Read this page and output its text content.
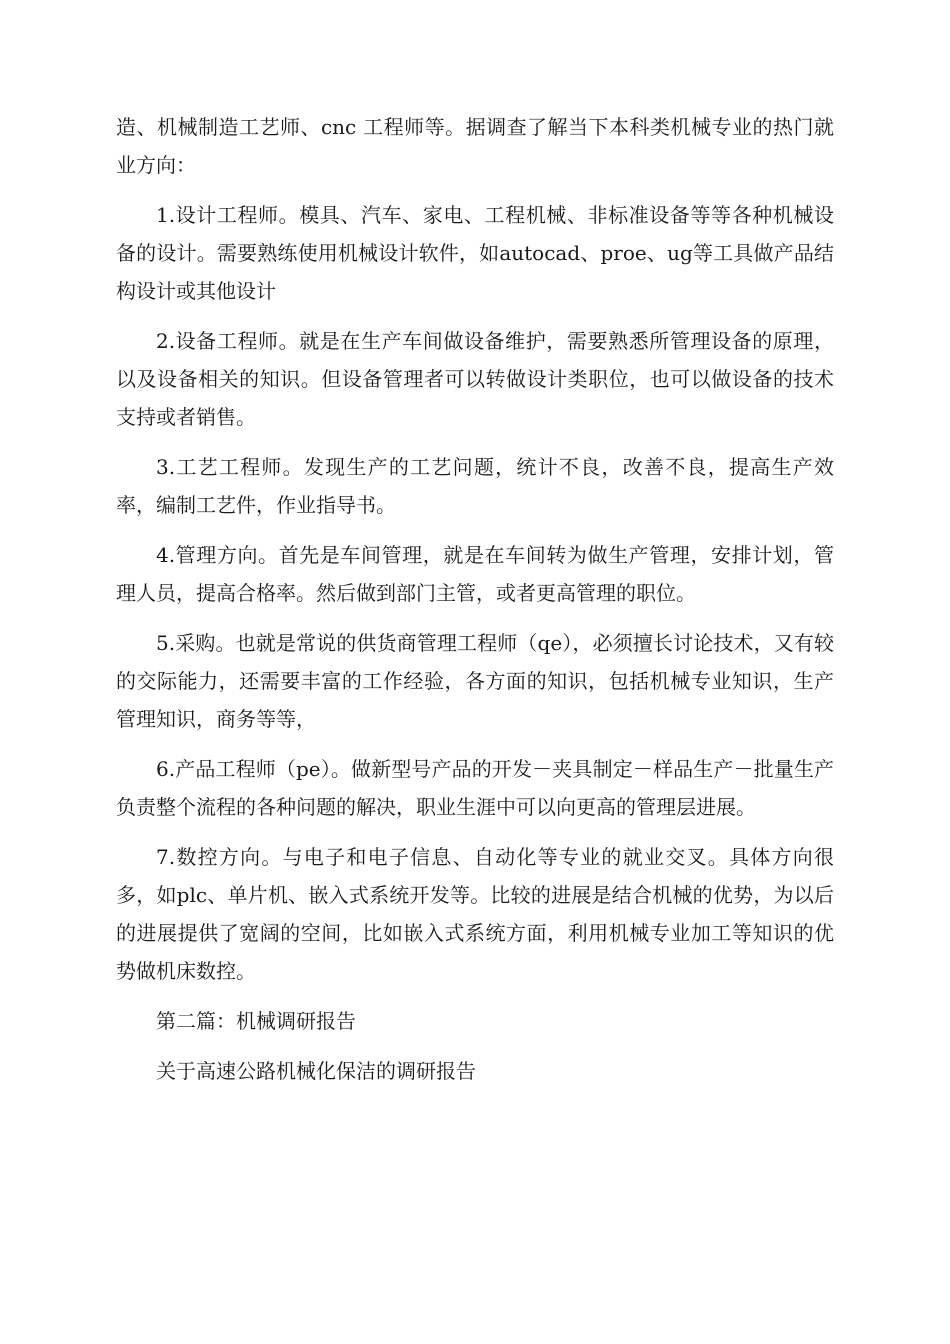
造、机械制造工艺师、cnc 工程师等。据调查了解当下本科类机械专业的热门就业方向：

1.设计工程师。模具、汽车、家电、工程机械、非标准设备等等各种机械设备的设计。需要熟练使用机械设计软件，如autocad、proe、ug等工具做产品结构设计或其他设计

2.设备工程师。就是在生产车间做设备维护，需要熟悉所管理设备的原理，以及设备相关的知识。但设备管理者可以转做设计类职位，也可以做设备的技术支持或者销售。

3.工艺工程师。发现生产的工艺问题，统计不良，改善不良，提高生产效率，编制工艺件，作业指导书。

4.管理方向。首先是车间管理，就是在车间转为做生产管理，安排计划，管理人员，提高合格率。然后做到部门主管，或者更高管理的职位。

5.采购。也就是常说的供货商管理工程师（qe），必须擅长讨论技术，又有较的交际能力，还需要丰富的工作经验，各方面的知识，包括机械专业知识，生产管理知识，商务等等，

6.产品工程师（pe）。做新型号产品的开发－夹具制定－样品生产－批量生产负责整个流程的各种问题的解决，职业生涯中可以向更高的管理层进展。

7.数控方向。与电子和电子信息、自动化等专业的就业交叉。具体方向很多，如plc、单片机、嵌入式系统开发等。比较的进展是结合机械的优势，为以后的进展提供了宽阔的空间，比如嵌入式系统方面，利用机械专业加工等知识的优势做机床数控。

第二篇：机械调研报告

关于高速公路机械化保洁的调研报告
